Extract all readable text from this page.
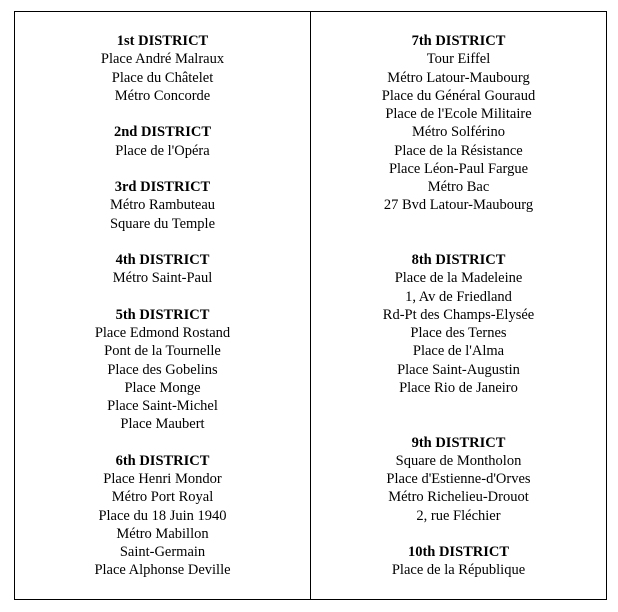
1st DISTRICT
Place André Malraux
Place du Châtelet
Métro Concorde
2nd DISTRICT
Place de l'Opéra
3rd DISTRICT
Métro Rambuteau
Square du Temple
4th DISTRICT
Métro Saint-Paul
5th DISTRICT
Place Edmond Rostand
Pont de la Tournelle
Place des Gobelins
Place Monge
Place Saint-Michel
Place Maubert
6th DISTRICT
Place Henri Mondor
Métro Port Royal
Place du 18 Juin 1940
Métro Mabillon
Saint-Germain
Place Alphonse Deville
7th DISTRICT
Tour Eiffel
Métro Latour-Maubourg
Place du Général Gouraud
Place de l'Ecole Militaire
Métro Solférino
Place de la Résistance
Place Léon-Paul Fargue
Métro Bac
27 Bvd Latour-Maubourg
8th DISTRICT
Place de la Madeleine
1, Av de Friedland
Rd-Pt des Champs-Elysée
Place des Ternes
Place de l'Alma
Place Saint-Augustin
Place Rio de Janeiro
9th DISTRICT
Square de Montholon
Place d'Estienne-d'Orves
Métro Richelieu-Drouot
2, rue Fléchier
10th DISTRICT
Place de la République
